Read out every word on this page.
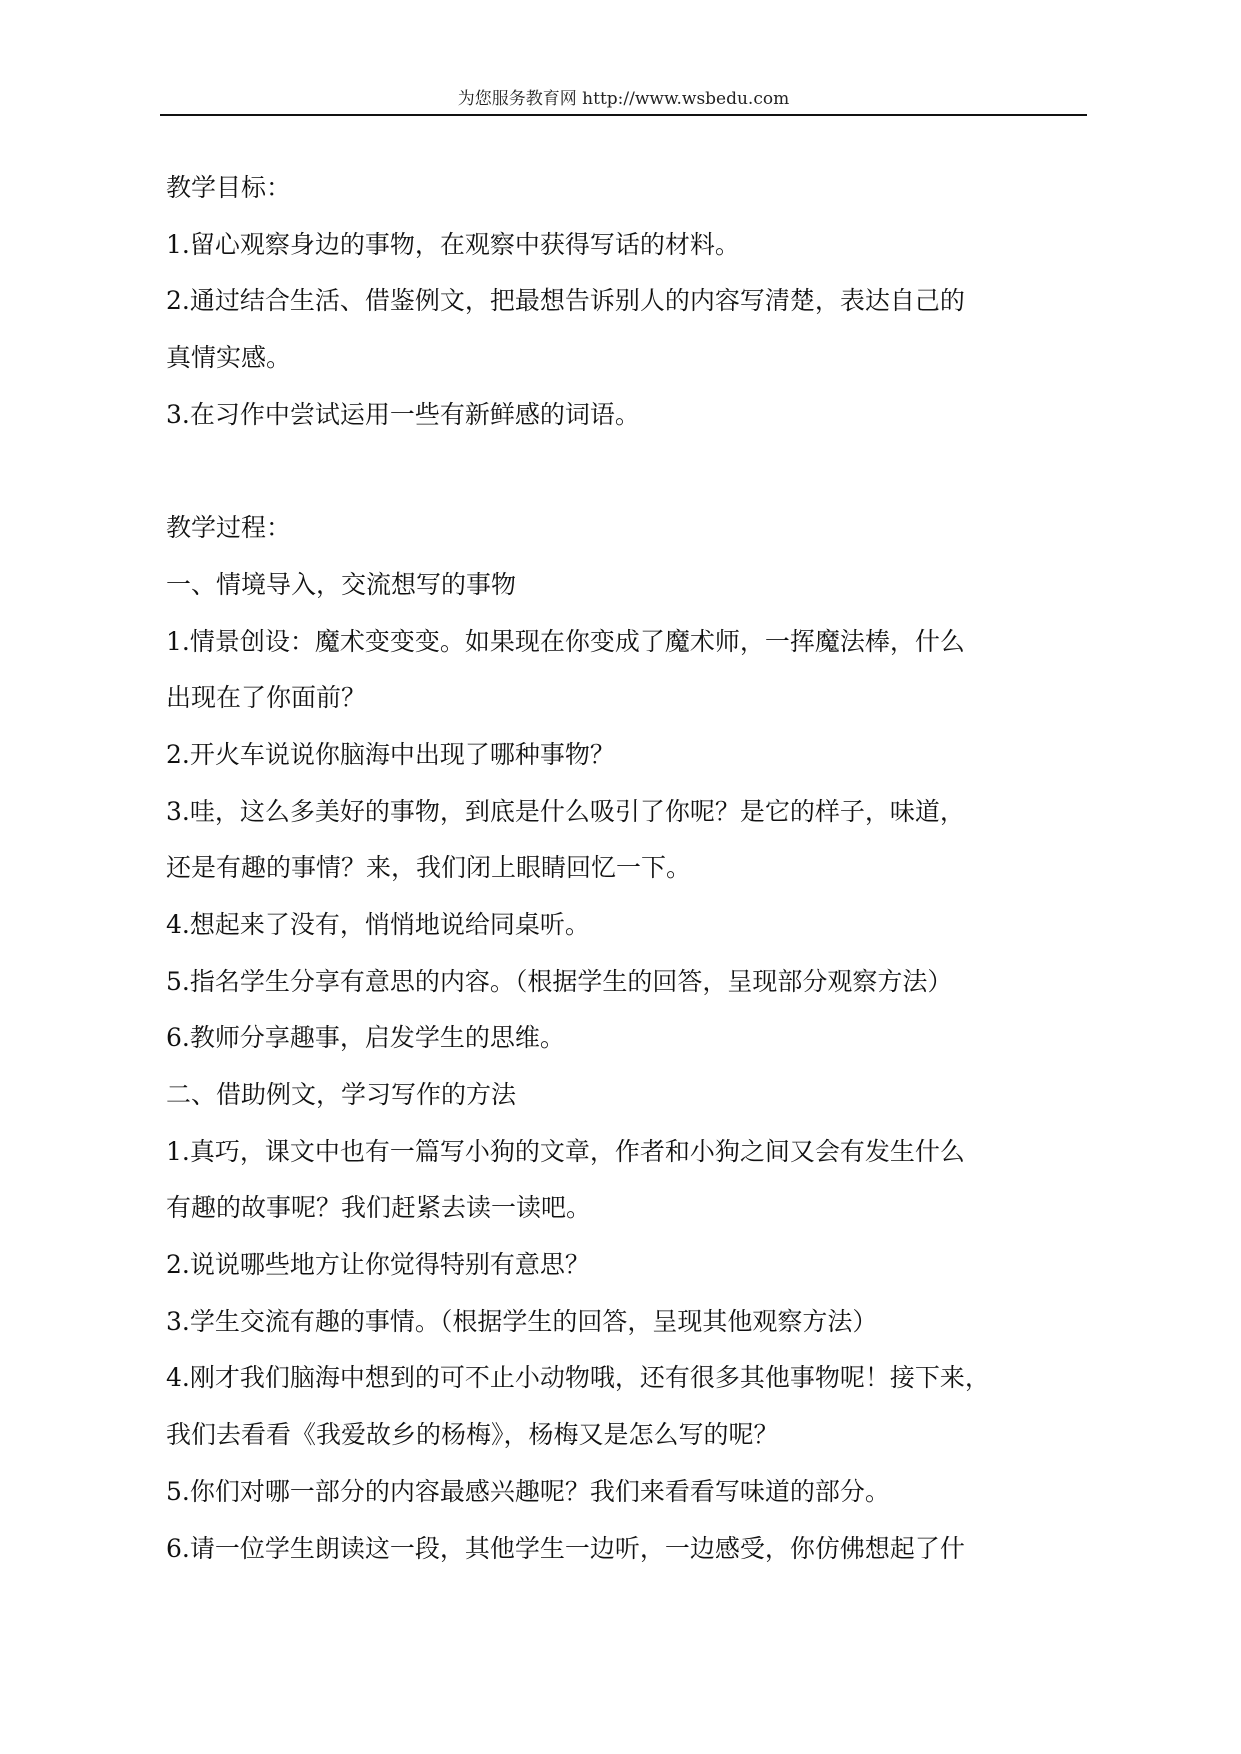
为您服务教育网 http://www.wsbedu.com
教学目标：
1.留心观察身边的事物，在观察中获得写话的材料。
2.通过结合生活、借鉴例文，把最想告诉别人的内容写清楚，表达自己的
真情实感。
3.在习作中尝试运用一些有新鲜感的词语。
教学过程：
一、情境导入，交流想写的事物
1.情景创设：魔术变变变。如果现在你变成了魔术师，一挥魔法棒，什么
出现在了你面前？
2.开火车说说你脑海中出现了哪种事物？
3.哇，这么多美好的事物，到底是什么吸引了你呢？是它的样子，味道，
还是有趣的事情？来，我们闭上眼睛回忆一下。
4.想起来了没有，悄悄地说给同桌听。
5.指名学生分享有意思的内容。（根据学生的回答，呈现部分观察方法）
6.教师分享趣事，启发学生的思维。
二、借助例文，学习写作的方法
1.真巧，课文中也有一篇写小狗的文章，作者和小狗之间又会有发生什么
有趣的故事呢？我们赶紧去读一读吧。
2.说说哪些地方让你觉得特别有意思？
3.学生交流有趣的事情。（根据学生的回答，呈现其他观察方法）
4.刚才我们脑海中想到的可不止小动物哦，还有很多其他事物呢！接下来，
我们去看看《我爱故乡的杨梅》，杨梅又是怎么写的呢？
5.你们对哪一部分的内容最感兴趣呢？我们来看看写味道的部分。
6.请一位学生朗读这一段，其他学生一边听，一边感受，你仿佛想起了什
